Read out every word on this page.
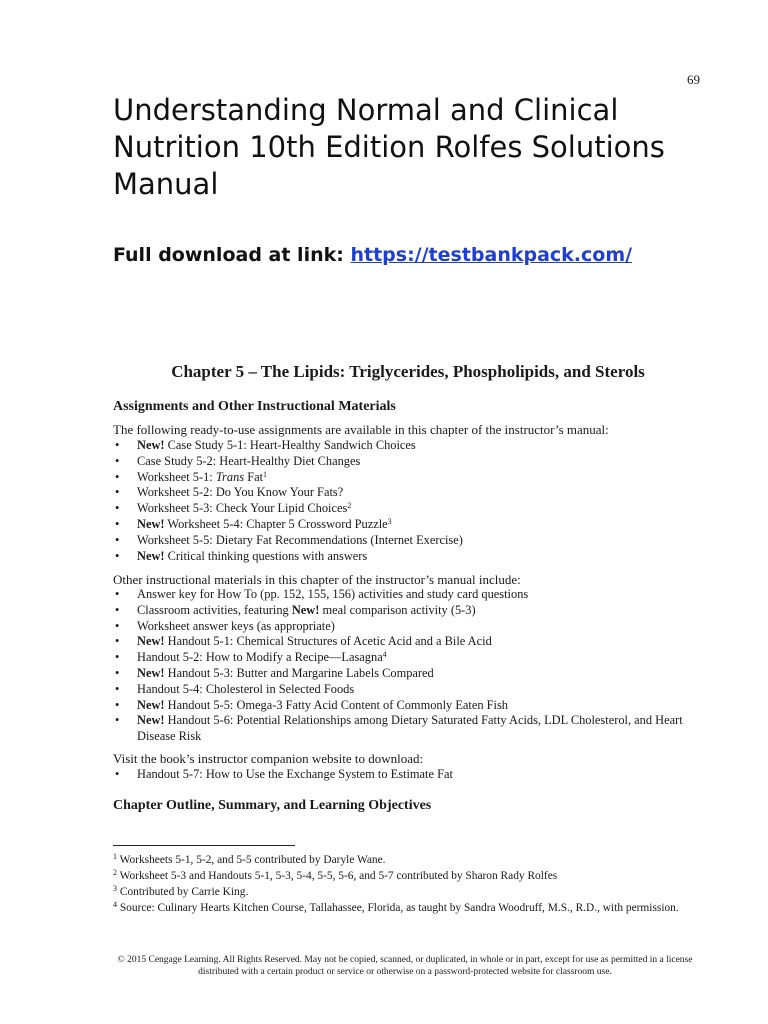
69
Understanding Normal and Clinical Nutrition 10th Edition Rolfes Solutions Manual

Full download at link: https://testbankpack.com/

Chapter 5 – The Lipids: Triglycerides, Phospholipids, and Sterols
Assignments and Other Instructional Materials

The following ready-to-use assignments are available in this chapter of the instructor’s manual:

• New! Case Study 5-1: Heart-Healthy Sandwich Choices
• Case Study 5-2: Heart-Healthy Diet Changes
• Worksheet 5-1: Trans Fat$^1$
• Worksheet 5-2: Do You Know Your Fats?
• Worksheet 5-3: Check Your Lipid Choices$^2$
• New! Worksheet 5-4: Chapter 5 Crossword Puzzle$^3$
• Worksheet 5-5: Dietary Fat Recommendations (Internet Exercise)
• New! Critical thinking questions with answers

Other instructional materials in this chapter of the instructor’s manual include:

• Answer key for How To (pp. 152, 155, 156) activities and study card questions
• Classroom activities, featuring New! meal comparison activity (5-3)
• Worksheet answer keys (as appropriate)
• New! Handout 5-1: Chemical Structures of Acetic Acid and a Bile Acid
• Handout 5-2: How to Modify a Recipe—Lasagna$^4$
• New! Handout 5-3: Butter and Margarine Labels Compared
• Handout 5-4: Cholesterol in Selected Foods
• New! Handout 5-5: Omega-3 Fatty Acid Content of Commonly Eaten Fish
• New! Handout 5-6: Potential Relationships among Dietary Saturated Fatty Acids, LDL Cholesterol, and Heart Disease Risk

Visit the book’s instructor companion website to download:

• Handout 5-7: How to Use the Exchange System to Estimate Fat
Chapter Outline, Summary, and Learning Objectives
$^1$ Worksheets 5-1, 5-2, and 5-5 contributed by Daryle Wane.
$^2$ Worksheet 5-3 and Handouts 5-1, 5-3, 5-4, 5-5, 5-6, and 5-7 contributed by Sharon Rady Rolfes
$^3$ Contributed by Carrie King.
$^4$ Source: Culinary Hearts Kitchen Course, Tallahassee, Florida, as taught by Sandra Woodruff, M.S., R.D., with permission.

© 2015 Cengage Learning. All Rights Reserved. May not be copied, scanned, or duplicated, in whole or in part, except for use as permitted in a license distributed with a certain product or service or otherwise on a password-protected website for classroom use.
